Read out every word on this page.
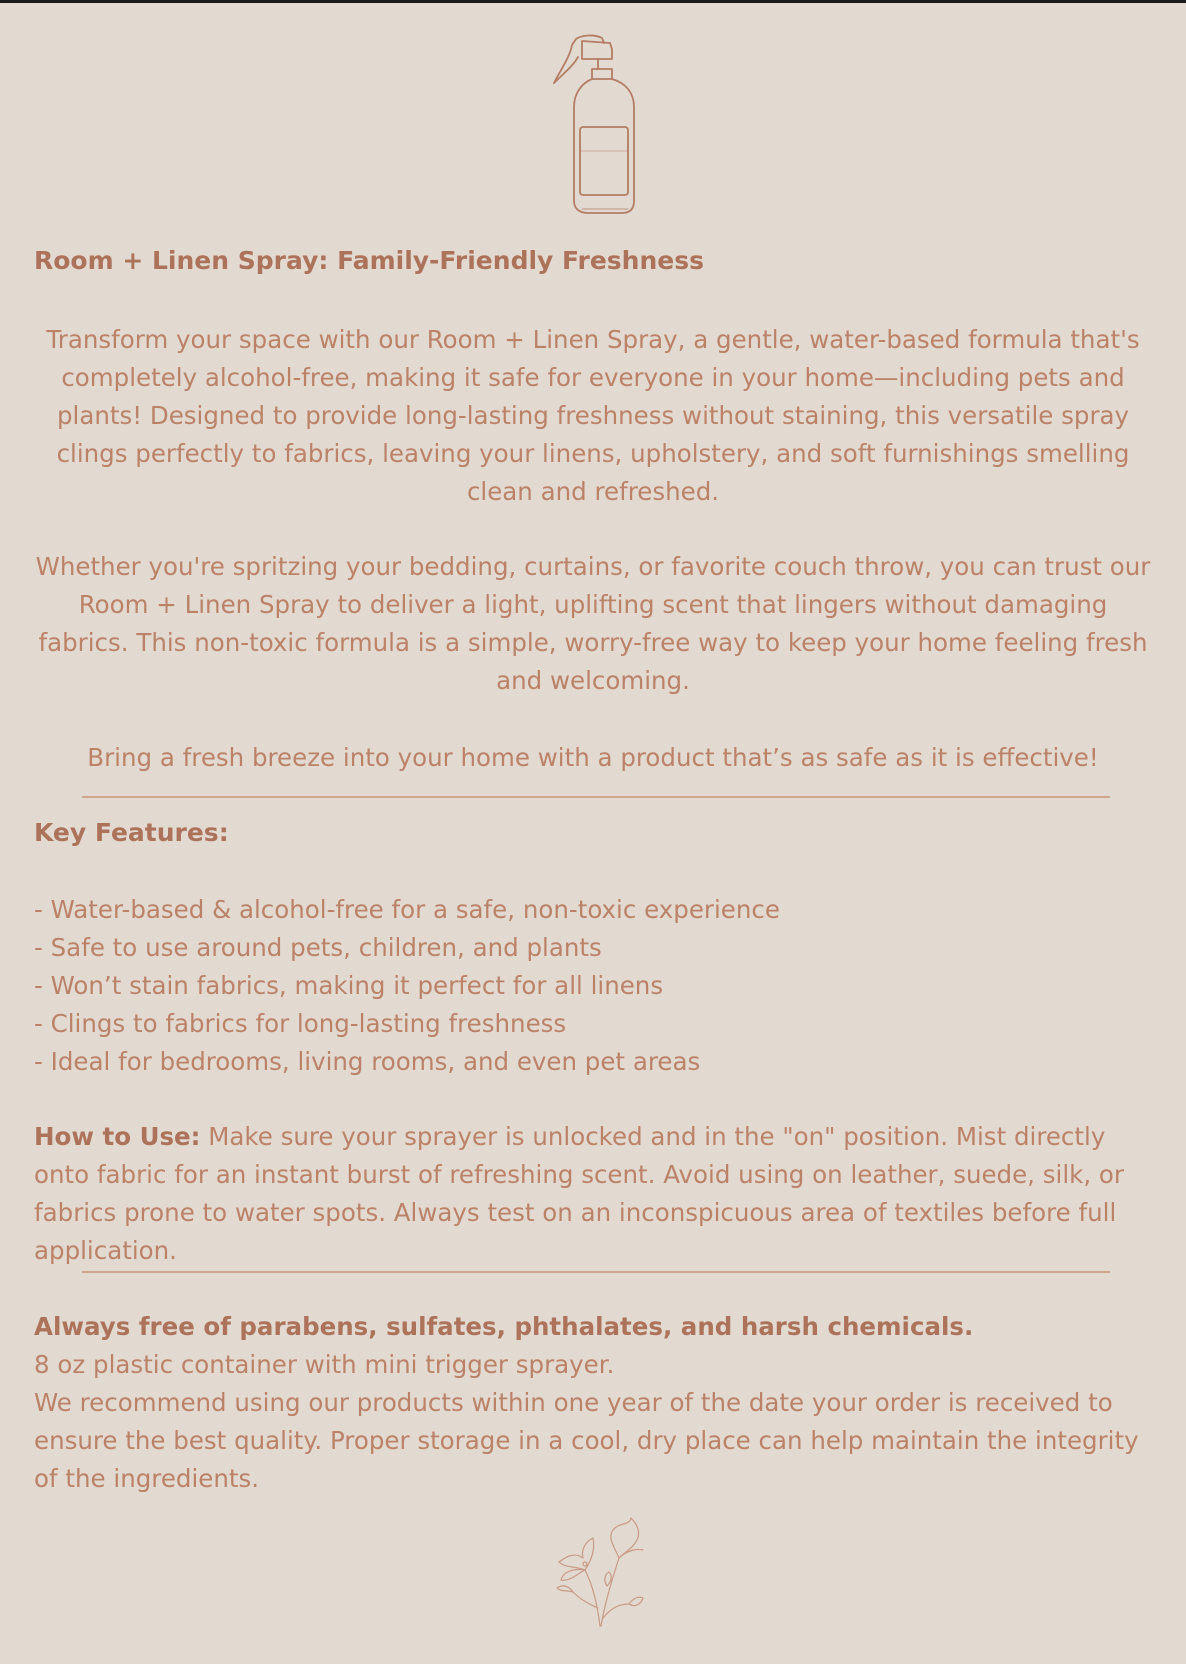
Room + Linen Spray: Family-Friendly Freshness

Transform your space with our Room + Linen Spray, a gentle, water-based formula that's completely alcohol-free, making it safe for everyone in your home—including pets and plants! Designed to provide long-lasting freshness without staining, this versatile spray clings perfectly to fabrics, leaving your linens, upholstery, and soft furnishings smelling clean and refreshed.

Whether you're spritzing your bedding, curtains, or favorite couch throw, you can trust our Room + Linen Spray to deliver a light, uplifting scent that lingers without damaging fabrics. This non-toxic formula is a simple, worry-free way to keep your home feeling fresh and welcoming.

Bring a fresh breeze into your home with a product that’s as safe as it is effective!

Key Features:
- Water-based & alcohol-free for a safe, non-toxic experience
- Safe to use around pets, children, and plants
- Won’t stain fabrics, making it perfect for all linens
- Clings to fabrics for long-lasting freshness
- Ideal for bedrooms, living rooms, and even pet areas

How to Use: Make sure your sprayer is unlocked and in the "on" position. Mist directly onto fabric for an instant burst of refreshing scent. Avoid using on leather, suede, silk, or fabrics prone to water spots. Always test on an inconspicuous area of textiles before full application.

Always free of parabens, sulfates, phthalates, and harsh chemicals.
8 oz plastic container with mini trigger sprayer.
We recommend using our products within one year of the date your order is received to ensure the best quality. Proper storage in a cool, dry place can help maintain the integrity of the ingredients.
